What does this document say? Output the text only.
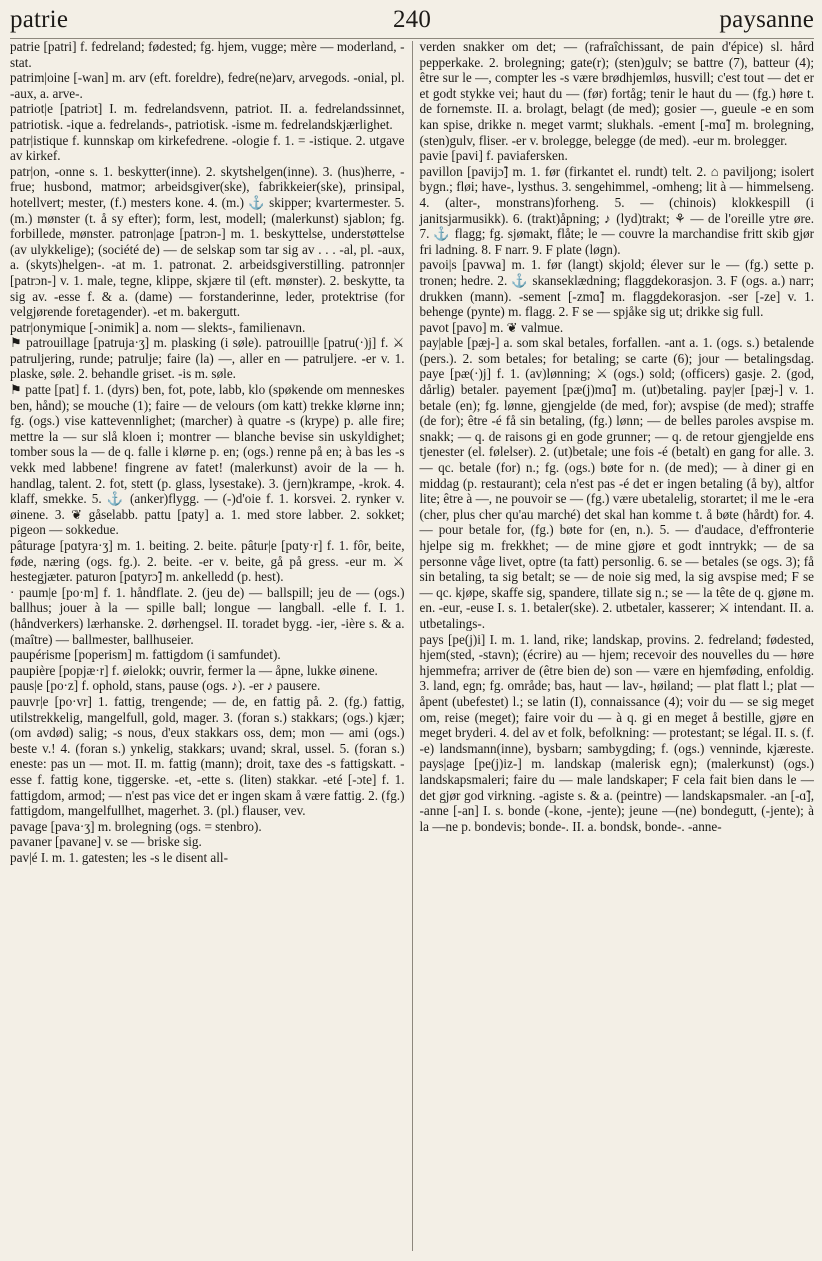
patrie	240	paysanne

patrie [patri] f. fedreland; fødested; fg. hjem, vugge; mère — moderland, -stat.

patrim|oine [-wan] m. arv (eft. foreldre), fedre(ne)arv, arvegods. -onial, pl. -aux, a. arve-.

patriot|e [patriɔt] I. m. fedrelandsvenn, patriot. II. a. fedrelandssinnet, patriotisk. -ique a. fedrelands-, patriotisk. -isme m. fedrelandskjærlighet.

patr|istique f. kunnskap om kirkefedrene. -ologie f. 1. = -istique. 2. utgave av kirkef.

patr|on, -onne s. 1. beskytter(inne). 2. skytshelgen(inne). 3. (hus)herre, -frue; husbond, matmor; arbeidsgiver(ske), fabrikkeier(ske), prinsipal, hotellvert; mester, (f.) mesters kone. 4. (m.) ⚓ skipper; kvartermester. 5. (m.) mønster (t. å sy efter); form, lest, modell; (malerkunst) sjablon; fg. forbillede, mønster. patron|age [patrɔn-] m. 1. beskyttelse, understøttelse (av ulykkelige); (société de) — de selskap som tar sig av . . . -al, pl. -aux, a. (skyts)helgen-. -at m. 1. patronat. 2. arbeidsgiverstilling. patronn|er [patrɔn-] v. 1. male, tegne, klippe, skjære til (eft. mønster). 2. beskytte, ta sig av. -esse f. & a. (dame) — forstanderinne, leder, protektrise (for velgjørende foretagender). -et m. bakergutt.

patr|onymique [-ɔnimik] a. nom — slekts-, familienavn.

⚑ patrouillage [patruja·ʒ] m. plasking (i søle). patrouill|e [patru(·)j] f. ⚔ patruljering, runde; patrulje; faire (la) —, aller en — patruljere. -er v. 1. plaske, søle. 2. behandle griset. -is m. søle.

⚑ patte [pat] f. 1. (dyrs) ben, fot, pote, labb, klo (spøkende om menneskes ben, hånd); se mouche (1); faire — de velours (om katt) trekke klørne inn; fg. (ogs.) vise kattevennlighet; (marcher) à quatre -s (krype) p. alle fire; mettre la — sur slå kloen i; montrer — blanche bevise sin uskyldighet; tomber sous la — de q. falle i klørne p. en; (ogs.) renne på en; à bas les -s vekk med labbene! fingrene av fatet! (malerkunst) avoir de la — h. handlag, talent. 2. fot, stett (p. glass, lysestake). 3. (jern)krampe, -krok. 4. klaff, smekke. 5. ⚓ (anker)flygg. — (-)d'oie f. 1. korsvei. 2. rynker v. øinene. 3. ❦ gåselabb. pattu [paty] a. 1. med store labber. 2. sokket; pigeon — sokkedue.

pâturage [pɑtyra·ʒ] m. 1. beiting. 2. beite. pâtur|e [pɑty·r] f. 1. fôr, beite, føde, næring (ogs. fg.). 2. beite. -er v. beite, gå på gress. -eur m. ⚔ hestegjæter. paturon [pɑtyrɔ̃] m. ankelledd (p. hest).

· paum|e [po·m] f. 1. håndflate. 2. (jeu de) — ballspill; jeu de — (ogs.) ballhus; jouer à la — spille ball; longue — langball. -elle f. I. 1. (håndverkers) lærhanske. 2. dørhengsel. II. toradet bygg. -ier, -ière s. & a. (maître) — ballmester, ballhuseier.

paupérisme [poperism] m. fattigdom (i samfundet).

paupière [popjæ·r] f. øielokk; ouvrir, fermer la — åpne, lukke øinene.

paus|e [po·z] f. ophold, stans, pause (ogs. ♪). -er ♪ pausere.

pauvr|e [po·vr] 1. fattig, trengende; — de, en fattig på. 2. (fg.) fattig, utilstrekkelig, mangelfull, gold, mager. 3. (foran s.) stakkars; (ogs.) kjær; (om avdød) salig; -s nous, d'eux stakkars oss, dem; mon — ami (ogs.) beste v.! 4. (foran s.) ynkelig, stakkars; uvand; skral, ussel. 5. (foran s.) eneste: pas un — mot. II. m. fattig (mann); droit, taxe des -s fattigskatt. -esse f. fattig kone, tiggerske. -et, -ette s. (liten) stakkar. -eté [-ɔte] f. 1. fattigdom, armod; — n'est pas vice det er ingen skam å være fattig. 2. (fg.) fattigdom, mangelfullhet, magerhet. 3. (pl.) flauser, vev.

pavage [pava·ʒ] m. brolegning (ogs. = stenbro).

pavaner [pavane] v. se — briske sig.

pav|é I. m. 1. gatesten; les -s le disent all-

verden snakker om det; — (rafraîchissant, de pain d'épice) sl. hård pepperkake. 2. brolegning; gate(r); (sten)gulv; se battre (7), batteur (4); être sur le —, compter les -s være brødhjemløs, husvill; c'est tout — det er et godt stykke vei; haut du — (før) fortåg; tenir le haut du — (fg.) høre t. de fornemste. II. a. brolagt, belagt (de med); gosier —, gueule -e en som kan spise, drikke n. meget varmt; slukhals. -ement [-mɑ̃] m. brolegning, (sten)gulv, fliser. -er v. brolegge, belegge (de med). -eur m. brolegger.

pavie [pavi] f. paviafersken.

pavillon [pavijɔ̃] m. 1. før (firkantet el. rundt) telt. 2. ⌂ paviljong; isolert bygn.; fløi; have-, lysthus. 3. sengehimmel, -omheng; lit à — himmelseng. 4. (alter-, monstrans)forheng. 5. — (chinois) klokkespill (i janitsjarmusikk). 6. (trakt)åpning; ♪ (lyd)trakt; ⚘ — de l'oreille ytre øre. 7. ⚓ flagg; fg. sjømakt, flåte; le — couvre la marchandise fritt skib gjør fri ladning. 8. F narr. 9. F plate (løgn).

pavoi|s [pavwa] m. 1. før (langt) skjold; élever sur le — (fg.) sette p. tronen; hedre. 2. ⚓ skanseklædning; flaggdekorasjon. 3. F (ogs. a.) narr; drukken (mann). -sement [-zmɑ̃] m. flaggdekorasjon. -ser [-ze] v. 1. behenge (pynte) m. flagg. 2. F se — spjåke sig ut; drikke sig full.

pavot [pavo] m. ❦ valmue.

pay|able [pæj-] a. som skal betales, forfallen. -ant a. 1. (ogs. s.) betalende (pers.). 2. som betales; for betaling; se carte (6); jour — betalingsdag. paye [pæ(·)j] f. 1. (av)lønning; ⚔ (ogs.) sold; (officers) gasje. 2. (god, dårlig) betaler. payement [pæ(j)mɑ̃] m. (ut)betaling. pay|er [pæj-] v. 1. betale (en); fg. lønne, gjengjelde (de med, for); avspise (de med); straffe (de for); être -é få sin betaling, (fg.) lønn; — de belles paroles avspise m. snakk; — q. de raisons gi en gode grunner; — q. de retour gjengjelde ens tjenester (el. følelser). 2. (ut)betale; une fois -é (betalt) en gang for alle. 3. — qc. betale (for) n.; fg. (ogs.) bøte for n. (de med); — à diner gi en middag (p. restaurant); cela n'est pas -é det er ingen betaling (å by), altfor lite; être à —, ne pouvoir se — (fg.) være ubetalelig, storartet; il me le -era (cher, plus cher qu'au marché) det skal han komme t. å bøte (hårdt) for. 4. — pour betale for, (fg.) bøte for (en, n.). 5. — d'audace, d'effronterie hjelpe sig m. frekkhet; — de mine gjøre et godt inntrykk; — de sa personne våge livet, optre (ta fatt) personlig. 6. se — betales (se ogs. 3); få sin betaling, ta sig betalt; se — de noie sig med, la sig avspise med; F se — qc. kjøpe, skaffe sig, spandere, tillate sig n.; se — la tête de q. gjøne m. en. -eur, -euse I. s. 1. betaler(ske). 2. utbetaler, kasserer; ⚔ intendant. II. a. utbetalings-.

pays [pe(j)i] I. m. 1. land, rike; landskap, provins. 2. fedreland; fødested, hjem(sted, -stavn); (écrire) au — hjem; recevoir des nouvelles du — høre hjemmefra; arriver de (être bien de) son — være en hjemføding, enfoldig. 3. land, egn; fg. område; bas, haut — lav-, høiland; — plat flatt l.; plat — åpent (ubefestet) l.; se latin (I), connaissance (4); voir du — se sig meget om, reise (meget); faire voir du — à q. gi en meget å bestille, gjøre en meget bryderi. 4. del av et folk, befolkning: — protestant; se légal. II. s. (f. -e) landsmann(inne), bysbarn; sambygding; f. (ogs.) venninde, kjæreste. pays|age [pe(j)iz-] m. landskap (malerisk egn); (malerkunst) (ogs.) landskapsmaleri; faire du — male landskaper; F cela fait bien dans le — det gjør god virkning. -agiste s. & a. (peintre) — landskapsmaler. -an [-ɑ̃], -anne [-an] I. s. bonde (-kone, -jente); jeune —(ne) bondegutt, (-jente); à la —ne p. bondevis; bonde-. II. a. bondsk, bonde-. -anne-
